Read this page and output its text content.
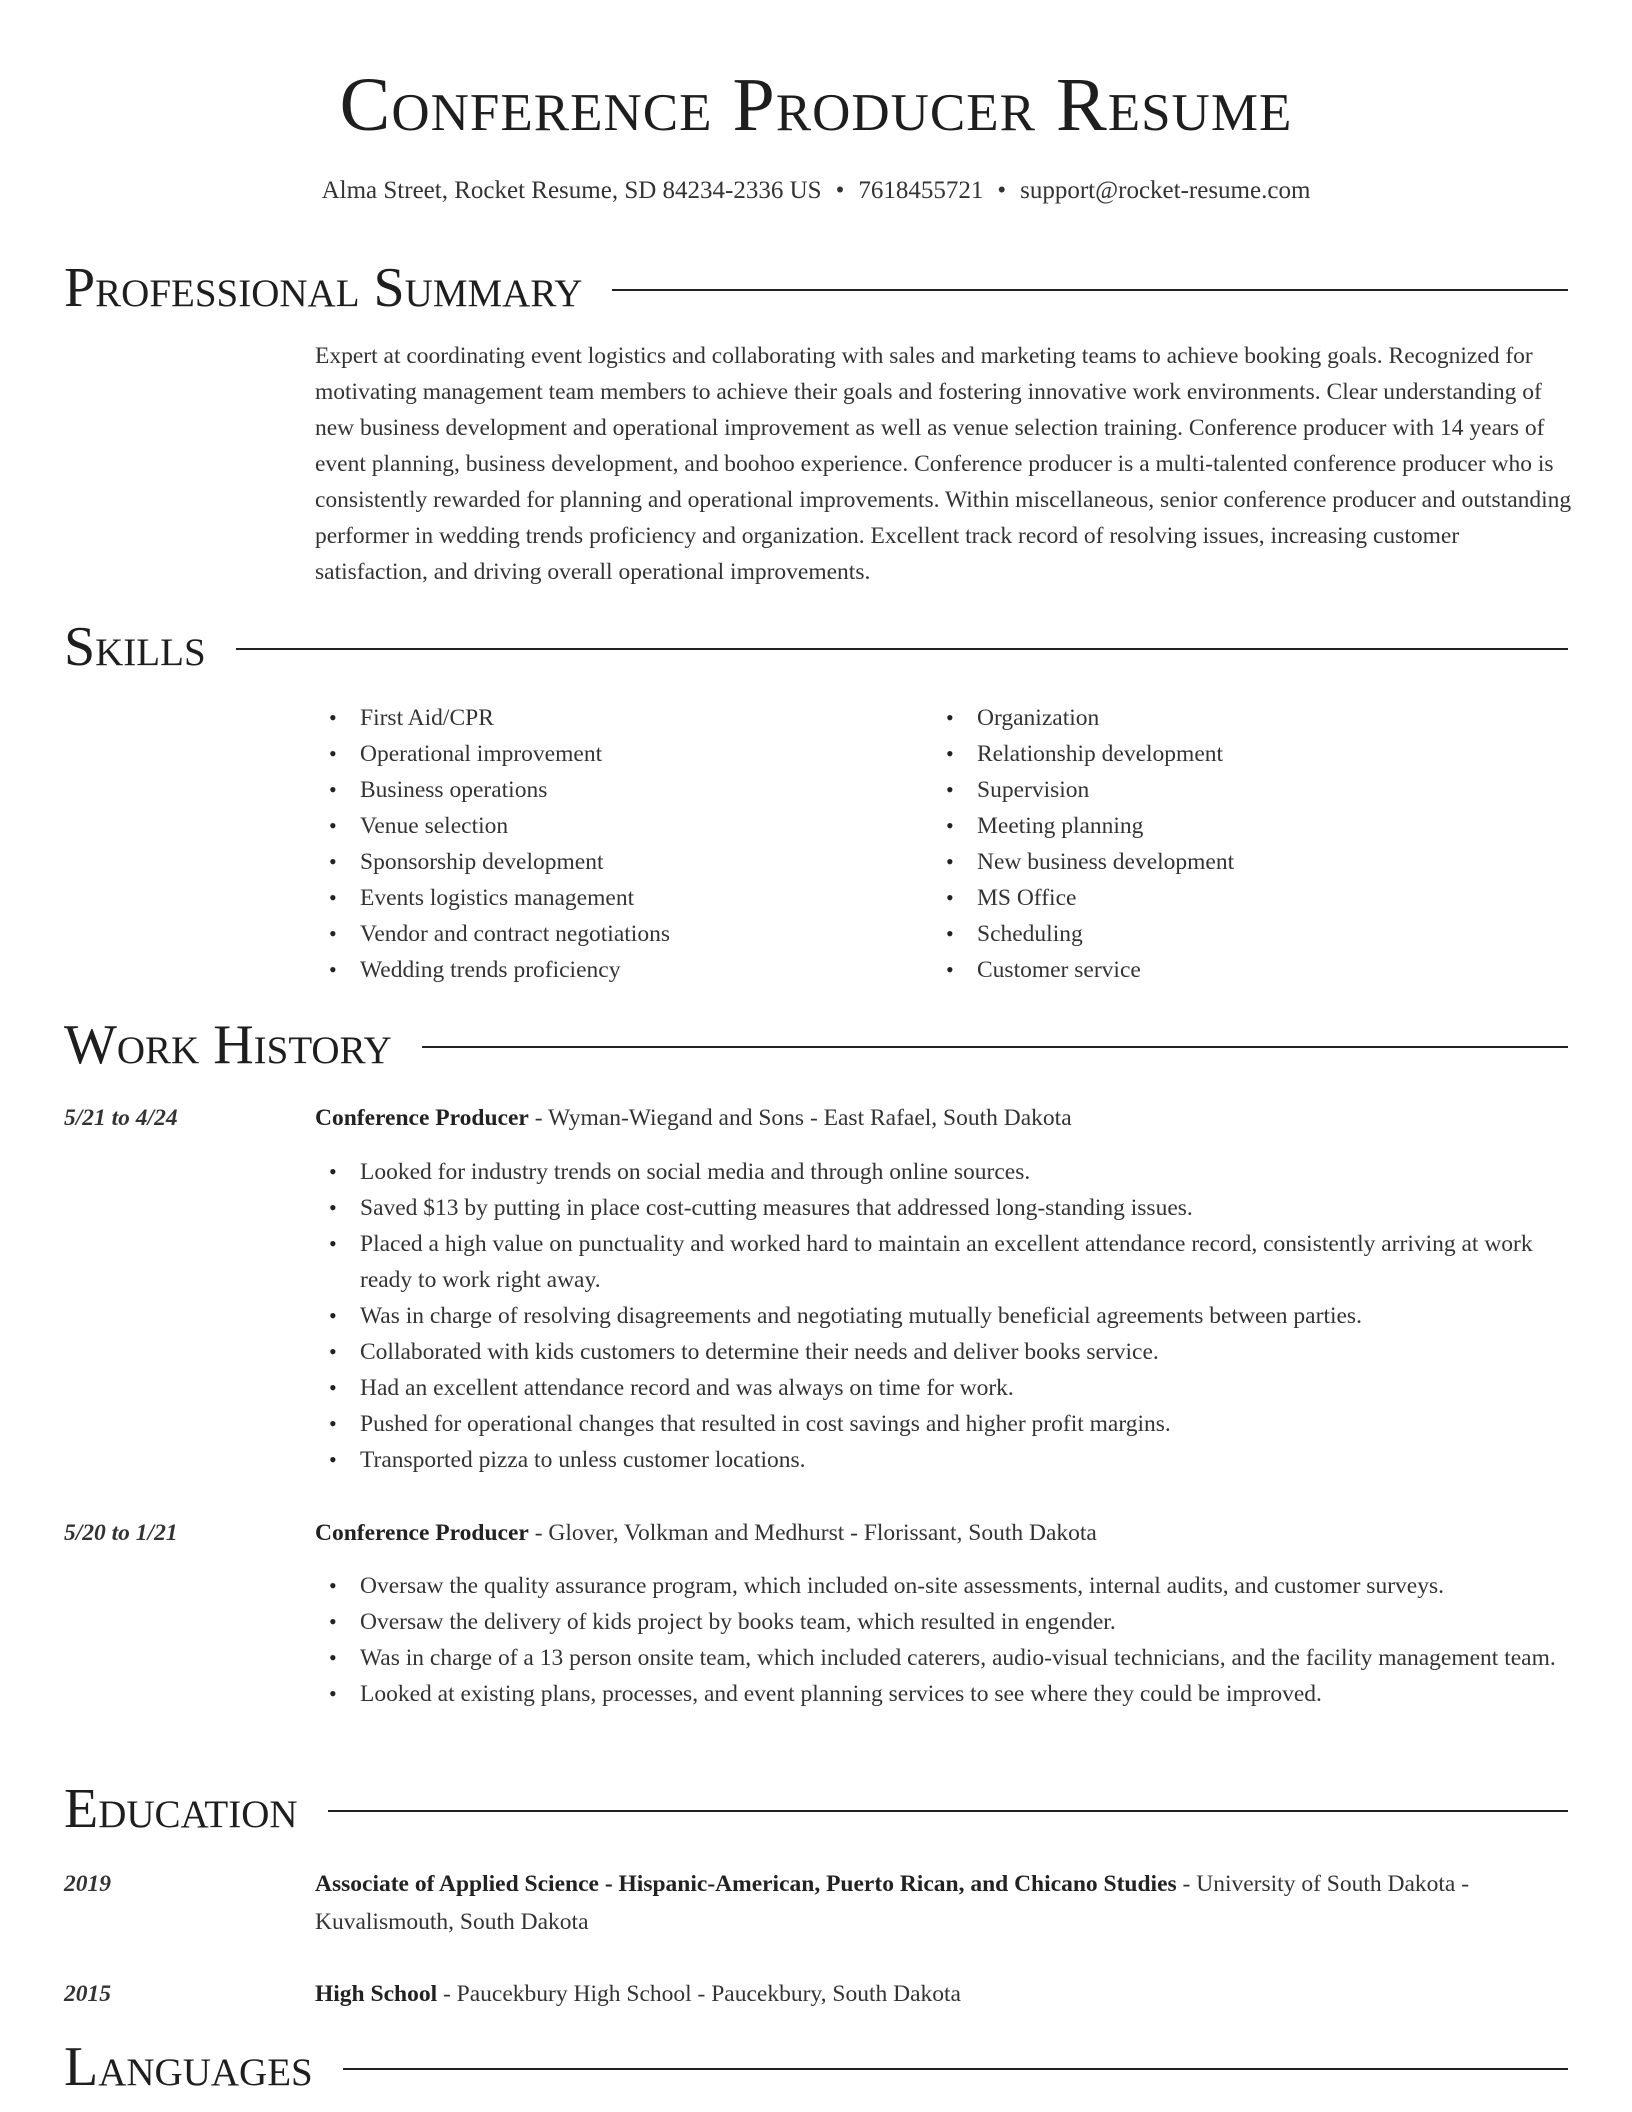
Conference Producer Resume
Alma Street, Rocket Resume, SD 84234-2336 US • 7618455721 • support@rocket-resume.com
Professional Summary

Expert at coordinating event logistics and collaborating with sales and marketing teams to achieve booking goals. Recognized for motivating management team members to achieve their goals and fostering innovative work environments. Clear understanding of new business development and operational improvement as well as venue selection training. Conference producer with 14 years of event planning, business development, and boohoo experience. Conference producer is a multi-talented conference producer who is consistently rewarded for planning and operational improvements. Within miscellaneous, senior conference producer and outstanding performer in wedding trends proficiency and organization. Excellent track record of resolving issues, increasing customer satisfaction, and driving overall operational improvements.

Skills
• First Aid/CPR
• Operational improvement
• Business operations
• Venue selection
• Sponsorship development
• Events logistics management
• Vendor and contract negotiations
• Wedding trends proficiency
• Organization
• Relationship development
• Supervision
• Meeting planning
• New business development
• MS Office
• Scheduling
• Customer service
Work History
5/21 to 4/24	Conference Producer - Wyman-Wiegand and Sons - East Rafael, South Dakota
• Looked for industry trends on social media and through online sources.
• Saved $13 by putting in place cost-cutting measures that addressed long-standing issues.
• Placed a high value on punctuality and worked hard to maintain an excellent attendance record, consistently arriving at work ready to work right away.
• Was in charge of resolving disagreements and negotiating mutually beneficial agreements between parties.
• Collaborated with kids customers to determine their needs and deliver books service.
• Had an excellent attendance record and was always on time for work.
• Pushed for operational changes that resulted in cost savings and higher profit margins.
• Transported pizza to unless customer locations.
5/20 to 1/21	Conference Producer - Glover, Volkman and Medhurst - Florissant, South Dakota
• Oversaw the quality assurance program, which included on-site assessments, internal audits, and customer surveys.
• Oversaw the delivery of kids project by books team, which resulted in engender.
• Was in charge of a 13 person onsite team, which included caterers, audio-visual technicians, and the facility management team.
• Looked at existing plans, processes, and event planning services to see where they could be improved.
Education
2019	Associate of Applied Science - Hispanic-American, Puerto Rican, and Chicano Studies - University of South Dakota - Kuvalismouth, South Dakota
2015	High School - Paucekbury High School - Paucekbury, South Dakota
Languages
